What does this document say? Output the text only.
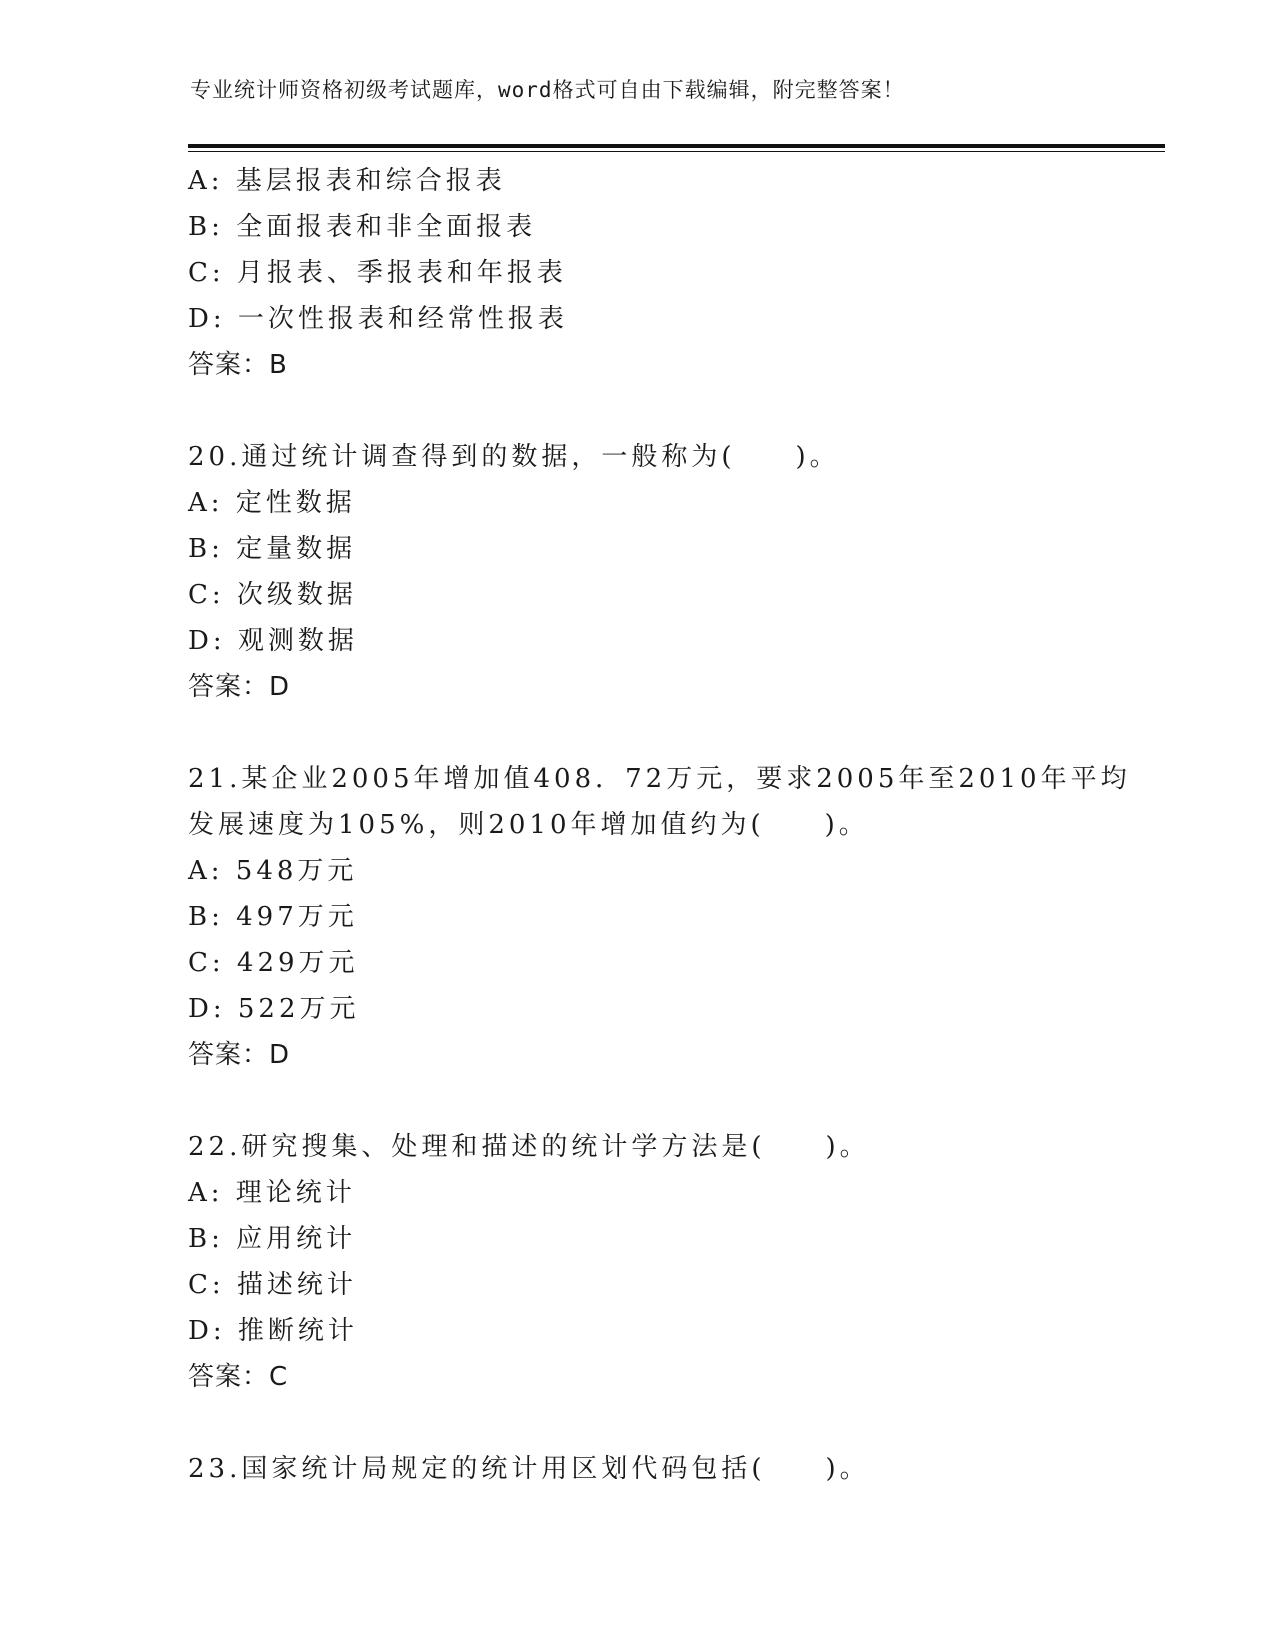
专业统计师资格初级考试题库，word格式可自由下载编辑，附完整答案！
A: 基层报表和综合报表
B: 全面报表和非全面报表
C: 月报表、季报表和年报表
D: 一次性报表和经常性报表
答案：B
20.通过统计调查得到的数据，一般称为(　　)。
A: 定性数据
B: 定量数据
C: 次级数据
D: 观测数据
答案：D
21.某企业2005年增加值408．72万元，要求2005年至2010年平均
发展速度为105%，则2010年增加值约为(　　)。
A: 548万元
B: 497万元
C: 429万元
D: 522万元
答案：D
22.研究搜集、处理和描述的统计学方法是(　　)。
A: 理论统计
B: 应用统计
C: 描述统计
D: 推断统计
答案：C
23.国家统计局规定的统计用区划代码包括(　　)。
